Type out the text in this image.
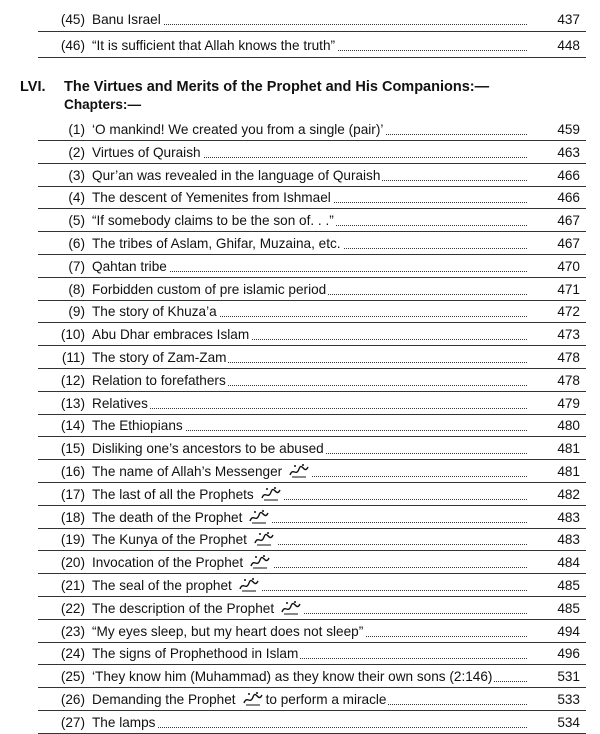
(45) Banu Israel	437
(46) “It is sufficient that Allah knows the truth”	448
LVI. The Virtues and Merits of the Prophet and His Companions:—
Chapters:—
(1) ‘O mankind! We created you from a single (pair)’	459
(2) Virtues of Quraish	463
(3) Qur’an was revealed in the language of Quraish	466
(4) The descent of Yemenites from Ishmael	466
(5) “If somebody claims to be the son of. . .”	467
(6) The tribes of Aslam, Ghifar, Muzaina, etc.	467
(7) Qahtan tribe	470
(8) Forbidden custom of pre islamic period	471
(9) The story of Khuza’a	472
(10) Abu Dhar embraces Islam	473
(11) The story of Zam-Zam	478
(12) Relation to forefathers	478
(13) Relatives	479
(14) The Ethiopians	480
(15) Disliking one’s ancestors to be abused	481
(16) The name of Allah’s Messenger	481
(17) The last of all the Prophets	482
(18) The death of the Prophet	483
(19) The Kunya of the Prophet	483
(20) Invocation of the Prophet	484
(21) The seal of the prophet	485
(22) The description of the Prophet	485
(23) “My eyes sleep, but my heart does not sleep”	494
(24) The signs of Prophethood in Islam	496
(25) ‘They know him (Muhammad) as they know their own sons (2:146)	531
(26) Demanding the Prophet to perform a miracle	533
(27) The lamps	534
